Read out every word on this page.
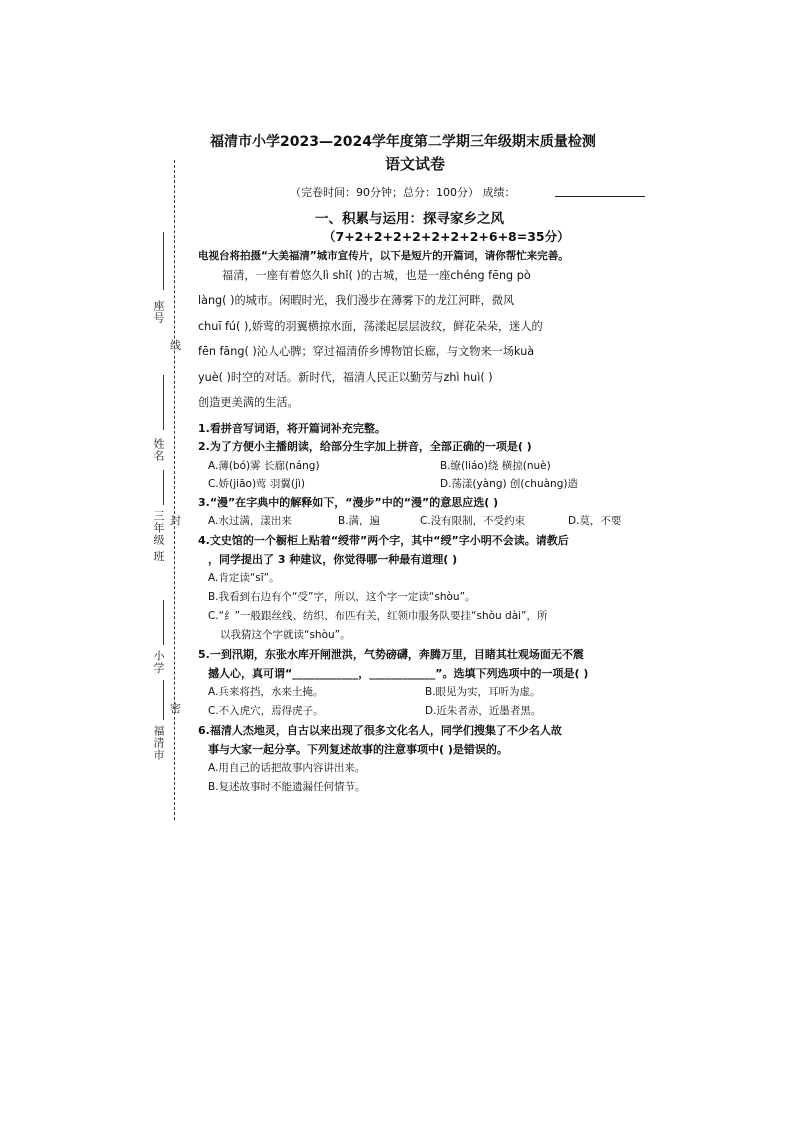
座号
线
姓名
三年级 班 封
小学
密
福清市
福清市小学2023—2024学年度第二学期三年级期末质量检测
语文试卷
（完卷时间：90分钟；总分：100分） 成绩：
一、积累与运用：探寻家乡之风
（7+2+2+2+2+2+2+2+6+8=35分）
电视台将拍摄“大美福清”城市宣传片，以下是短片的开篇词，请你帮忙来完善。
福清，一座有着悠久lì shǐ( )的古城，也是一座chéng fēng pò
làng( )的城市。闲暇时光，我们漫步在薄雾下的龙江河畔，微风
chuī fú( ),娇莺的羽翼横掠水面，荡漾起层层波纹，鲜花朵朵，迷人的
fēn fāng( )沁人心脾；穿过福清侨乡博物馆长廊，与文物来一场kuà
yuè( )时空的对话。新时代，福清人民正以勤劳与zhì huì( )
创造更美满的生活。
1.看拼音写词语，将开篇词补充完整。
2.为了方便小主播朗读，给部分生字加上拼音，全部正确的一项是( )
A.薄(bó)雾 长廊(náng)	B.缭(liáo)绕 横掠(nuè)
C.娇(jiāo)莺 羽翼(jì)	D.荡漾(yàng) 创(chuàng)造
3.“漫”在字典中的解释如下，“漫步”中的“漫”的意思应选( )
A.水过满，漾出来	B.满，遍	C.没有限制，不受约束	D.莫，不要
4.文史馆的一个橱柜上贴着“绶带”两个字，其中“绶”字小明不会读。请教后
，同学提出了 3 种建议，你觉得哪一种最有道理( )
A.肯定读“sī”。
B.我看到右边有个“受”字，所以，这个字一定读“shòu”。
C.“纟”一般跟丝线、纺织、布匹有关，红领巾服务队要挂“shòu dài”，所
以我猜这个字就读“shòu”。
5.一到汛期，东张水库开闸泄洪，气势磅礴，奔腾万里，目睹其壮观场面无不震
撼人心，真可谓“____________，____________”。选填下列选项中的一项是( )
A.兵来将挡，水来土掩。	B.眼见为实，耳听为虚。
C.不入虎穴，焉得虎子。	D.近朱者赤，近墨者黑。
6.福清人杰地灵，自古以来出现了很多文化名人，同学们搜集了不少名人故
事与大家一起分享。下列复述故事的注意事项中( )是错误的。
A.用自己的话把故事内容讲出来。
B.复述故事时不能遗漏任何情节。
